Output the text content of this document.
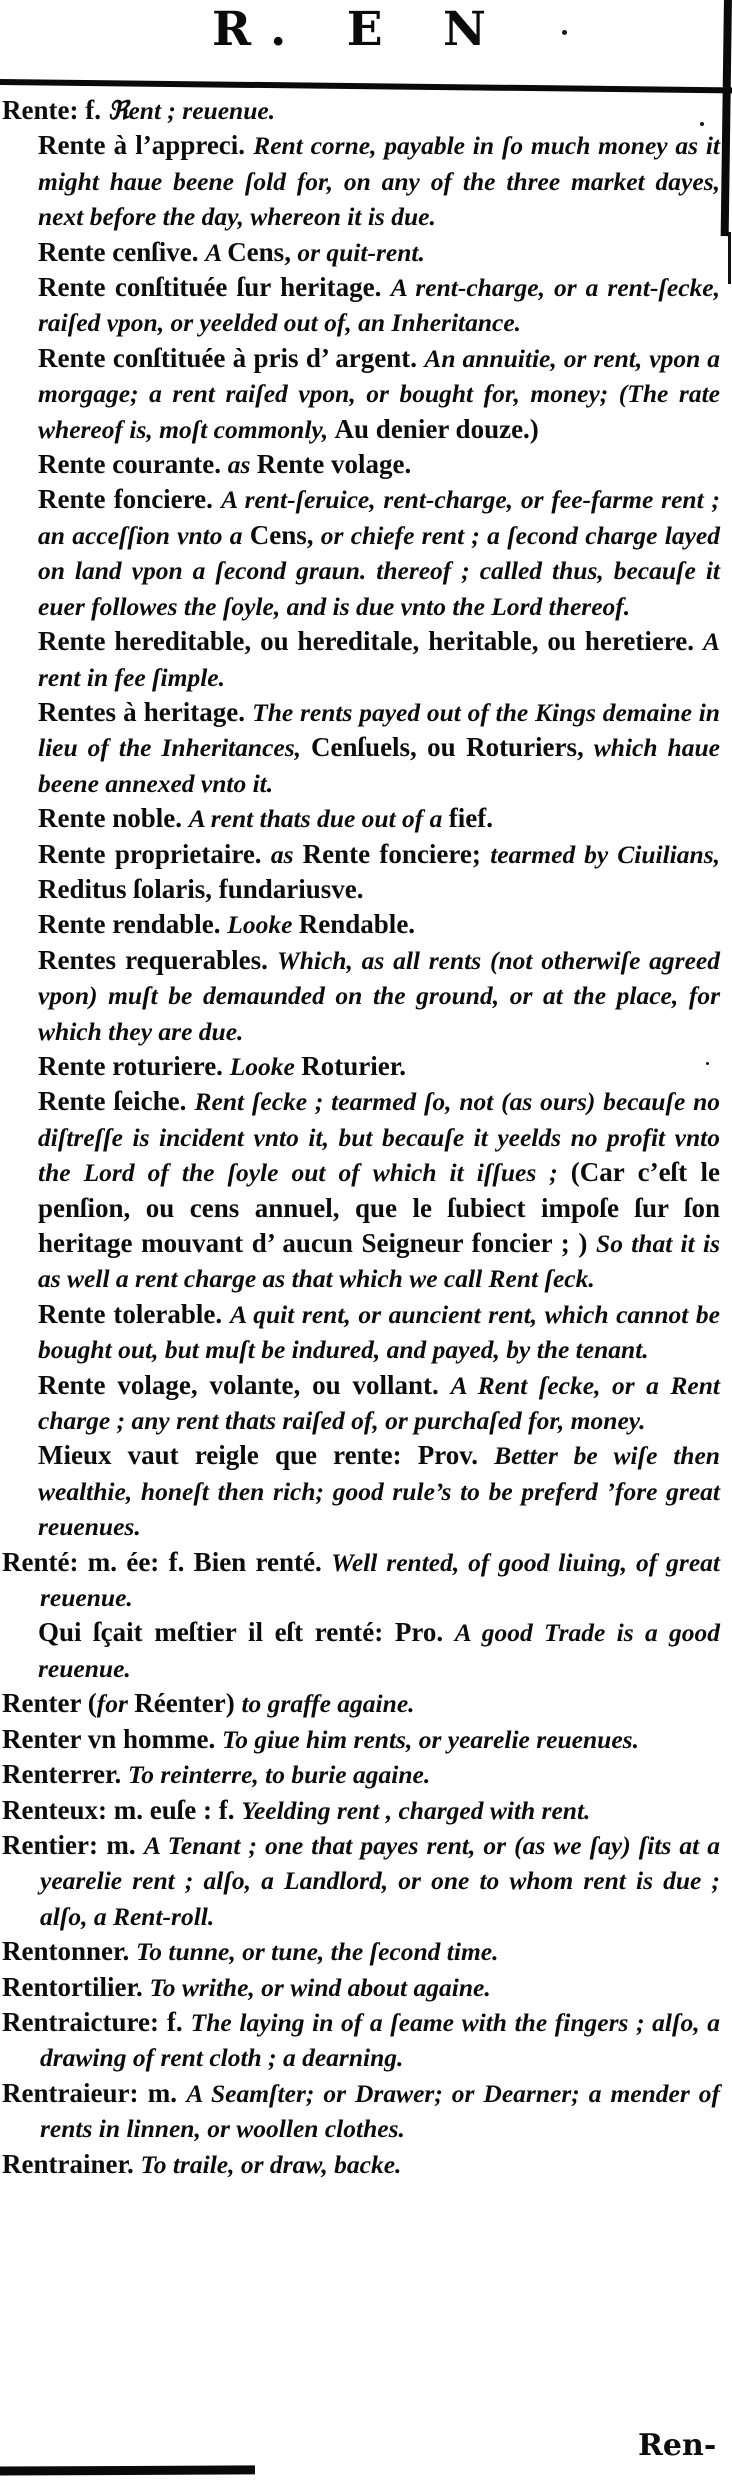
R. E N

Rente: f. ℜent ; reuenue.

Rente à l’appreci. Rent corne, payable in ſo much money as it might haue beene ſold for, on any of the three market dayes, next before the day, whereon it is due.

Rente cenſive. A Cens, or quit-rent.

Rente conſtituée ſur heritage. A rent-charge, or a rent-ſecke, raiſed vpon, or yeelded out of, an Inheritance.

Rente conſtituée à pris d’ argent. An annuitie, or rent, vpon a morgage; a rent raiſed vpon, or bought for, money; (The rate whereof is, moſt commonly, Au denier douze.)

Rente courante. as Rente volage.

Rente fonciere. A rent-ſeruice, rent-charge, or fee-farme rent ; an acceſſion vnto a Cens, or chiefe rent ; a ſecond charge layed on land vpon a ſecond graun. thereof ; called thus, becauſe it euer followes the ſoyle, and is due vnto the Lord thereof.

Rente hereditable, ou hereditale, heritable, ou heretiere. A rent in fee ſimple.

Rentes à heritage. The rents payed out of the Kings demaine in lieu of the Inheritances, Cenſuels, ou Roturiers, which haue beene annexed vnto it.

Rente noble. A rent thats due out of a fief.

Rente proprietaire. as Rente fonciere; tearmed by Ciuilians, Reditus ſolaris, fundariusve.

Rente rendable. Looke Rendable.

Rentes requerables. Which, as all rents (not otherwiſe agreed vpon) muſt be demaunded on the ground, or at the place, for which they are due.

Rente roturiere. Looke Roturier.

Rente ſeiche. Rent ſecke ; tearmed ſo, not (as ours) becauſe no diſtreſſe is incident vnto it, but becauſe it yeelds no profit vnto the Lord of the ſoyle out of which it iſſues ; (Car c’eſt le penſion, ou cens annuel, que le ſubiect impoſe ſur ſon heritage mouvant d’ aucun Seigneur foncier ; ) So that it is as well a rent charge as that which we call Rent ſeck.

Rente tolerable. A quit rent, or auncient rent, which cannot be bought out, but muſt be indured, and payed, by the tenant.

Rente volage, volante, ou vollant. A Rent ſecke, or a Rent charge ; any rent thats raiſed of, or purchaſed for, money.

Mieux vaut reigle que rente: Prov. Better be wiſe then wealthie, honeſt then rich; good rule’s to be preferd ’fore great reuenues.

Renté: m. ée: f. Bien renté. Well rented, of good liuing, of great reuenue.

Qui ſçait meſtier il eſt renté: Pro. A good Trade is a good reuenue.

Renter (for Réenter) to graffe againe.

Renter vn homme. To giue him rents, or yearelie reuenues.

Renterrer. To reinterre, to burie againe.

Renteux: m. euſe : f. Yeelding rent , charged with rent.

Rentier: m. A Tenant ; one that payes rent, or (as we ſay) ſits at a yearelie rent ; alſo, a Landlord, or one to whom rent is due ; alſo, a Rent-roll.

Rentonner. To tunne, or tune, the ſecond time.

Rentortilier. To writhe, or wind about againe.

Rentraicture: f. The laying in of a ſeame with the fingers ; alſo, a drawing of rent cloth ; a dearning.

Rentraieur: m. A Seamſter; or Drawer; or Dearner; a mender of rents in linnen, or woollen clothes.

Rentrainer. To traile, or draw, backe.

Ren-
